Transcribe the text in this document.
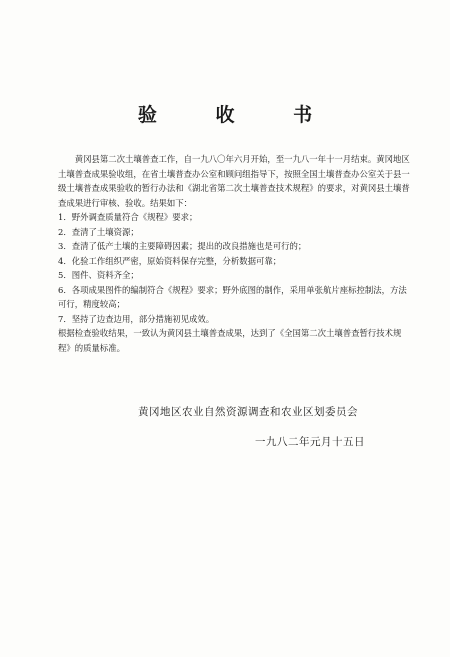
验 收 书

黄冈县第二次土壤普查工作，自一九八〇年六月开始，至一九八一年十一月结束。黄冈地区土壤普查成果验收组，在省土壤普查办公室和顾问组指导下，按照全国土壤普查办公室关于县一级土壤普查成果验收的暂行办法和《湖北省第二次土壤普查技术规程》的要求，对黄冈县土壤普查成果进行审核、验收。结果如下：

1．野外调查质量符合《规程》要求；
2．查清了土壤资源；
3．查清了低产土壤的主要障碍因素；提出的改良措施也是可行的；
4．化验工作组织严密，原始资料保存完整，分析数据可靠；
5．图件、资料齐全；
6．各项成果图件的编制符合《规程》要求；野外底图的制作，采用单张航片座标控制法，方法可行，精度较高；
7．坚持了边查边用，部分措施初见成效。

根据检查验收结果，一致认为黄冈县土壤普查成果，达到了《全国第二次土壤普查暂行技术规程》的质量标准。

黄冈地区农业自然资源调查和农业区划委员会
一九八二年元月十五日
